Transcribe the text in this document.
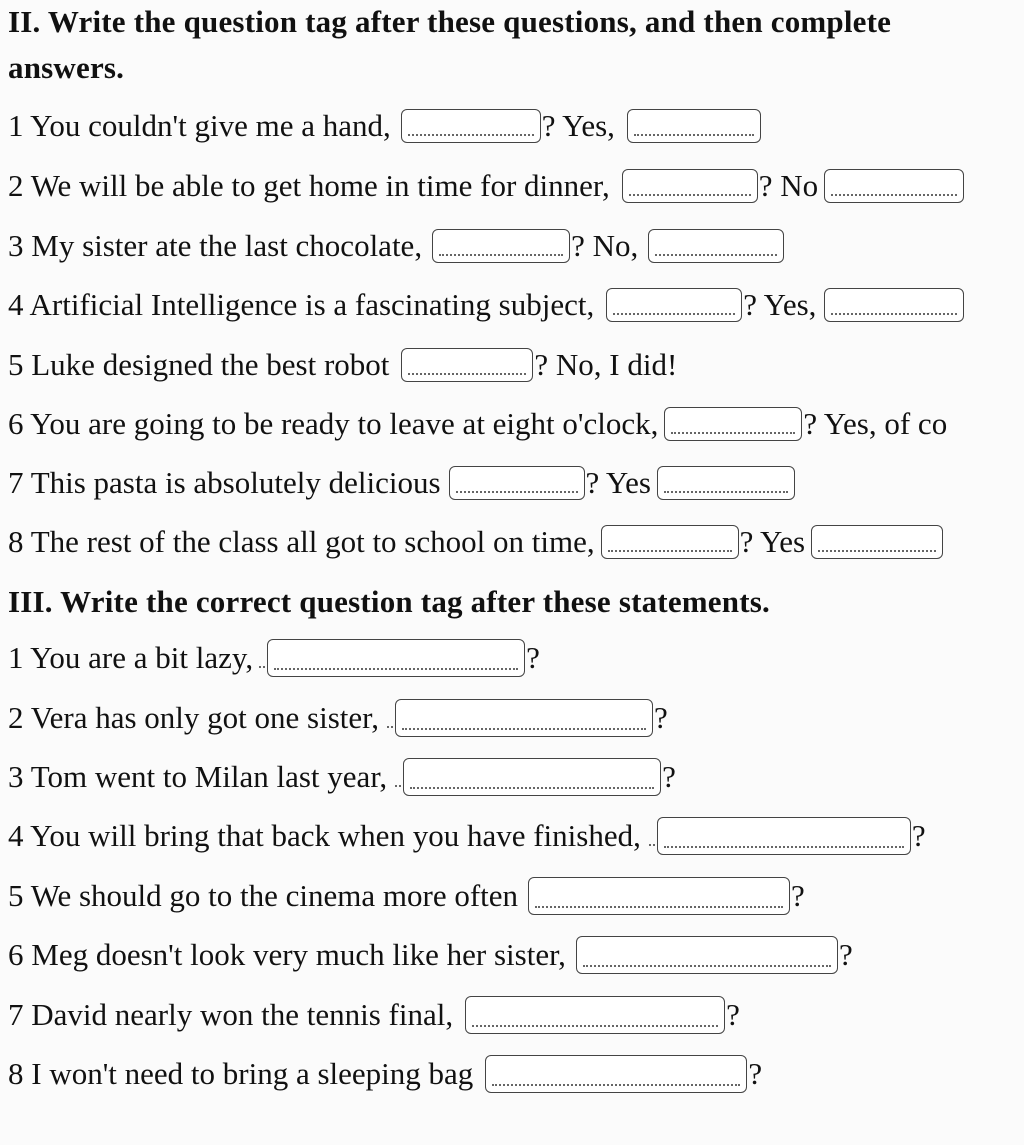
II. Write the question tag after these questions, and then complete
answers.
1 You couldn't give me a hand,	? Yes,
2 We will be able to get home in time for dinner,	? No
3 My sister ate the last chocolate,	? No,
4 Artificial Intelligence is a fascinating subject,	? Yes,
5 Luke designed the best robot	? No, I did!
6 You are going to be ready to leave at eight o'clock,	? Yes, of co
7 This pasta is absolutely delicious	? Yes
8 The rest of the class all got to school on time,	? Yes
III. Write the correct question tag after these statements.
1 You are a bit lazy,	?
2 Vera has only got one sister,	?
3 Tom went to Milan last year,	?
4 You will bring that back when you have finished,	?
5 We should go to the cinema more often	?
6 Meg doesn't look very much like her sister,	?
7 David nearly won the tennis final,	?
8 I won't need to bring a sleeping bag	?
